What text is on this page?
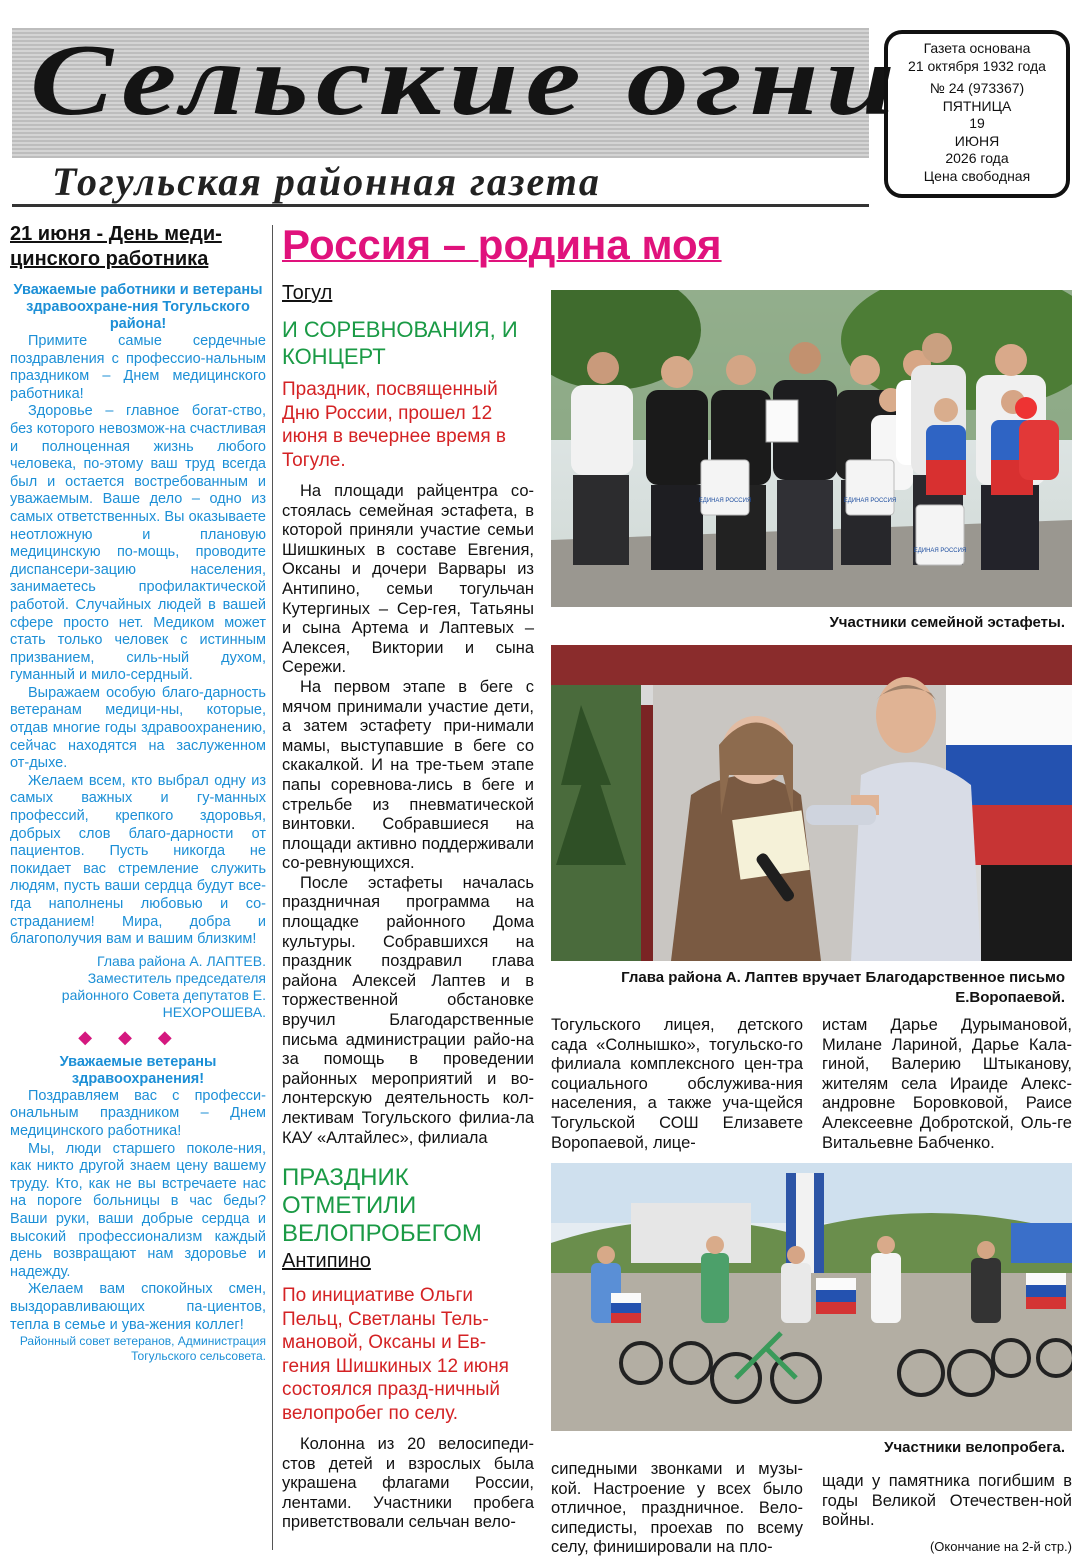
Сельские огни
Тогульская районная газета
Газета основана
21 октября 1932 года
№ 24 (973367)
ПЯТНИЦА
19
ИЮНЯ
2026 года
Цена свободная
21 июня - День меди-цинского работника
Уважаемые работники и ветераны здравоохране-ния Тогульского района!

Примите самые сердечные поздравления с профессио-нальным праздником – Днем медицинского работника!

Здоровье – главное богат-ство, без которого невозмож-на счастливая и полноценная жизнь любого человека, по-этому ваш труд всегда был и остается востребованным и уважаемым. Ваше дело – одно из самых ответственных. Вы оказываете неотложную и плановую медицинскую по-мощь, проводите диспансери-зацию населения, занимаетесь профилактической работой. Случайных людей в вашей сфере просто нет. Медиком может стать только человек с истинным призванием, силь-ный духом, гуманный и мило-сердный.

Выражаем особую благо-дарность ветеранам медици-ны, которые, отдав многие годы здравоохранению, сейчас находятся на заслуженном от-дыхе.

Желаем всем, кто выбрал одну из самых важных и гу-манных профессий, крепкого здоровья, добрых слов благо-дарности от пациентов. Пусть никогда не покидает вас стремление служить людям, пусть ваши сердца будут все-гда наполнены любовью и со-страданием! Мира, добра и благополучия вам и вашим близким!

Глава района А. ЛАПТЕВ.
Заместитель председателя районного Совета депутатов Е. НЕХОРОШЕВА.
◆◆◆
Уважаемые ветераны здравоохранения!

Поздравляем вас с професси-ональным праздником – Днем медицинского работника!

Мы, люди старшего поколе-ния, как никто другой знаем цену вашему труду. Кто, как не вы встречаете нас на пороге больницы в час беды? Ваши руки, ваши добрые сердца и высокий профессионализм каждый день возвращают нам здоровье и надежду.

Желаем вам спокойных смен, выздоравливающих па-циентов, тепла в семье и ува-жения коллег!

Районный совет ветеранов, Администрация Тогульского сельсовета.
Россия – родина моя
Тогул
И СОРЕВНОВАНИЯ, И КОНЦЕРТ
Праздник, посвященный Дню России, прошел 12 июня в вечернее время в Тогуле.

На площади райцентра со-стоялась семейная эстафета, в которой приняли участие семьи Шишкиных в составе Евгения, Оксаны и дочери Варвары из Антипино, семьи тогульчан Кутергиных – Сер-гея, Татьяны и сына Артема и Лаптевых – Алексея, Виктории и сына Сережи.

На первом этапе в беге с мячом принимали участие дети, а затем эстафету при-нимали мамы, выступавшие в беге со скакалкой. И на тре-тьем этапе папы соревнова-лись в беге и стрельбе из пневматической винтовки. Собравшиеся на площади активно поддерживали со-ревнующихся.

После эстафеты началась праздничная программа на площадке районного Дома культуры. Собравшихся на праздник поздравил глава района Алексей Лаптев и в торжественной обстановке вручил Благодарственные письма администрации райо-на за помощь в проведении районных мероприятий и во-лонтерскую деятельность кол-лективам Тогульского филиа-ла КАУ «Алтайлес», филиала

ЕДИНАЯ РОССИЯ	ЕДИНАЯ РОССИЯ
ЕДИНАЯ РОССИЯ
Участники семейной эстафеты.
Глава района А. Лаптев вручает Благодарственное письмо Е.Воропаевой.

Тогульского лицея, детского сада «Солнышко», тогульско-го филиала комплексного цен-тра социального обслужива-ния населения, а также уча-щейся Тогульской СОШ Елизавете Воропаевой, лице-

истам Дарье Дурымановой, Милане Лариной, Дарье Кала-гиной, Валерию Штыканову, жителям села Ираиде Алекс-андровне Боровковой, Раисе Алексеевне Добротской, Оль-ге Витальевне Бабченко.

ПРАЗДНИК ОТМЕТИЛИ ВЕЛОПРОБЕГОМ
Антипино
По инициативе Ольги Пельц, Светланы Тель-мановой, Оксаны и Ев-гения Шишкиных 12 июня состоялся празд-ничный велопробег по селу.

Колонна из 20 велосипеди-стов детей и взрослых была украшена флагами России, лентами. Участники пробега приветствовали сельчан вело-

Участники велопробега.

сипедными звонками и музы-кой. Настроение у всех было отличное, праздничное. Вело-сипедисты, проехав по всему селу, финишировали на пло-

щади у памятника погибшим в годы Великой Отечествен-ной войны.

(Окончание на 2-й стр.)
